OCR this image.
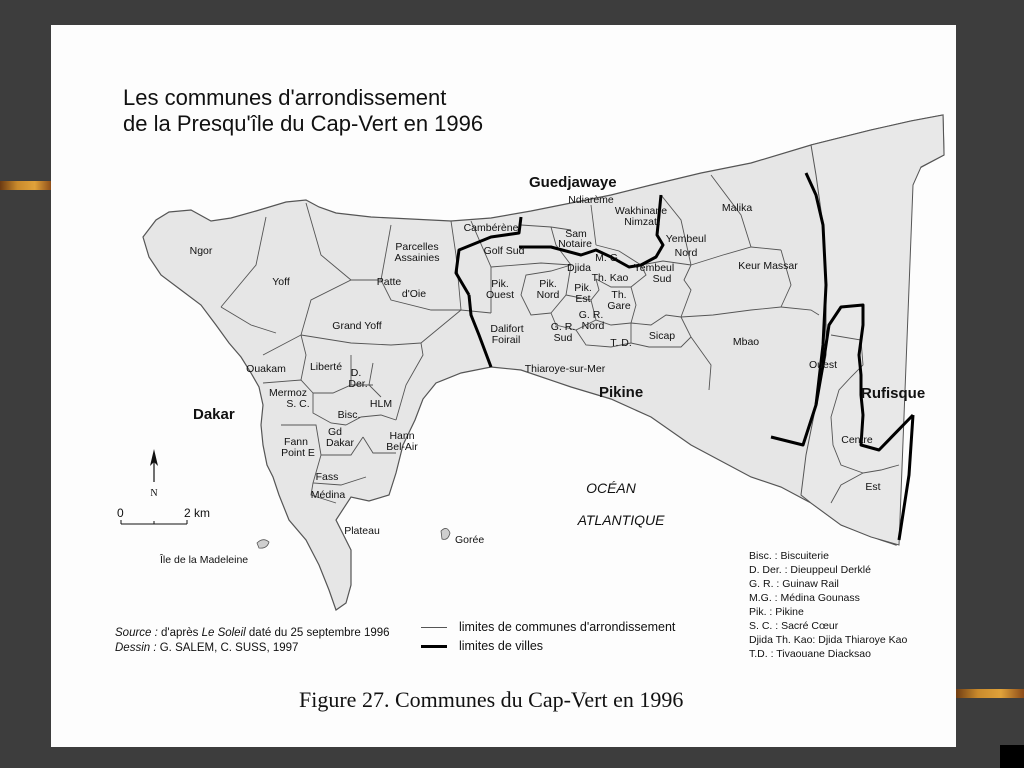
Les communes d'arrondissement
de la Presqu'île du Cap-Vert en 1996
OCÉAN
ATLANTIQUE
Guedjawaye
Dakar
Pikine	Rufisque
Ndiarème
Wakhinane
Nimzatt
Malika
Cambérène	Sam
Notaire	Yembeul
Nord
Golf Sud
M. G.
Djida
Th. Kao
Yembeul
Sud
Keur Massar
Ngor	Parcelles
Assainies
Yoff	Patte
d'Oie
Pik.
Ouest
Pik.
Nord
Pik.
Est Th.
Gare
G. R.
Nord
G. R.
Sud	T. D.
Dalifort
Foirail	Sicap	Mbao
Grand Yoff
Ouakam Liberté D.
Der.
Mermoz
S. C.	HLM
Bisc.
Gd
Dakar
Fann
Point E
Hann
Bel-Air
Fass
Médina
Plateau
Thiaroye-sur-Mer	Ouest
Centre
Est
Île de la Madeleine
Gorée
N
0	2 km
Source : d'après Le Soleil daté du 25 septembre 1996
Dessin : G. SALEM, C. SUSS, 1997
limites de communes d'arrondissement
limites de villes
Bisc. : Biscuiterie
D. Der. : Dieuppeul Derklé
G. R. : Guinaw Rail
M.G. : Médina Gounass
Pik. : Pikine
S. C. : Sacré Cœur
Djida Th. Kao: Djida Thiaroye Kao
T.D. : Tivaouane Diacksao
Figure 27. Communes du Cap-Vert en 1996
